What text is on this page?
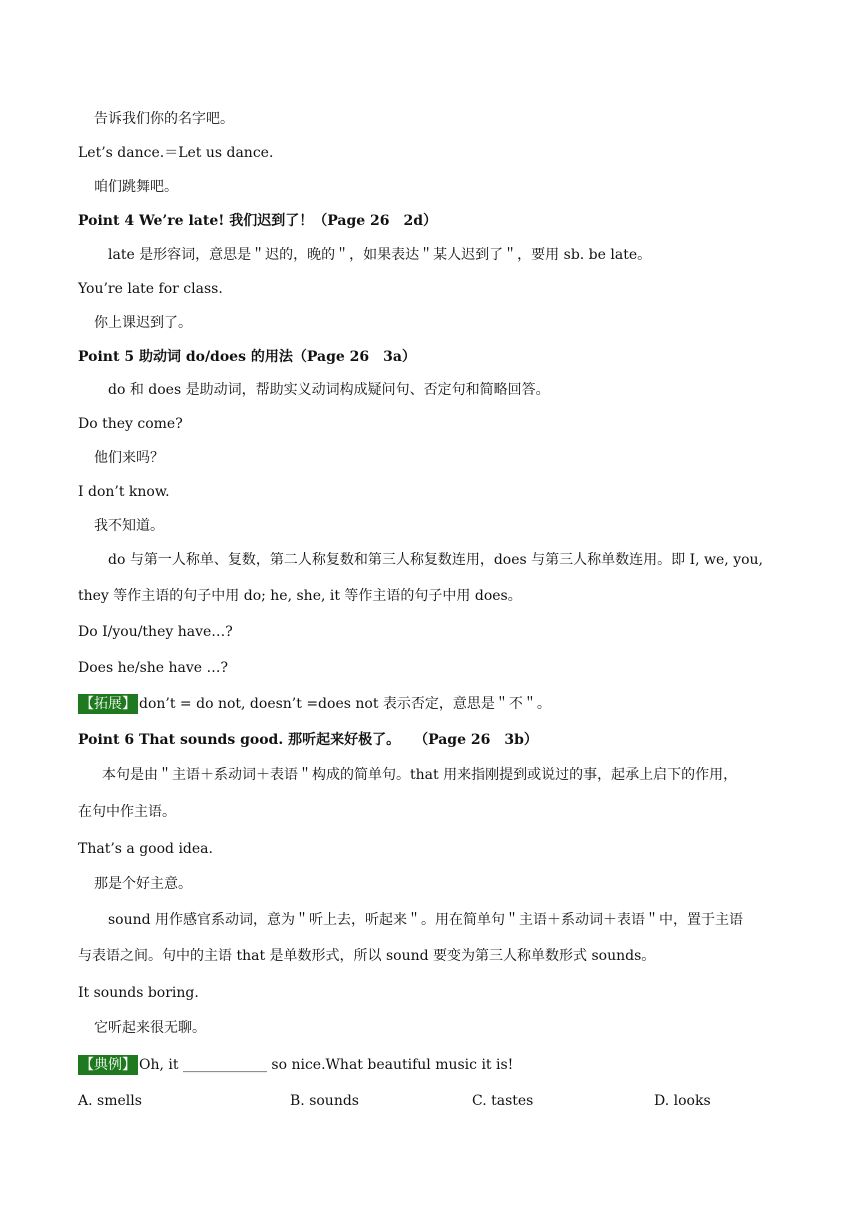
告诉我们你的名字吧。
Let’s dance.＝Let us dance.
咱们跳舞吧。
Point 4 We’re late! 我们迟到了！（Page 26　2d）
late 是形容词，意思是＂迟的，晚的＂，如果表达＂某人迟到了＂，要用 sb. be late。
You’re late for class.
你上课迟到了。
Point 5 助动词 do/does 的用法（Page 26　3a）
do 和 does 是助动词，帮助实义动词构成疑问句、否定句和简略回答。
Do they come?
他们来吗？
I don’t know.
我不知道。
do 与第一人称单、复数，第二人称复数和第三人称复数连用，does 与第三人称单数连用。即 I, we, you,
they 等作主语的句子中用 do; he, she, it 等作主语的句子中用 does。
Do I/you/they have…?
Does he/she have …?
【拓展】 don’t = do not, doesn’t =does not 表示否定，意思是＂不＂。
Point 6 That sounds good. 那听起来好极了。　　（Page 26　3b）
本句是由＂主语＋系动词＋表语＂构成的简单句。that 用来指刚提到或说过的事，起承上启下的作用，
在句中作主语。
That’s a good idea.
那是个好主意。
sound 用作感官系动词，意为＂听上去，听起来＂。用在简单句＂主语＋系动词＋表语＂中，置于主语
与表语之间。句中的主语 that 是单数形式，所以 sound 要变为第三人称单数形式 sounds。
It sounds boring.
它听起来很无聊。
【典例】 Oh, it ____________ so nice.What beautiful music it is!
A. smells	B. sounds	C. tastes	D. looks
